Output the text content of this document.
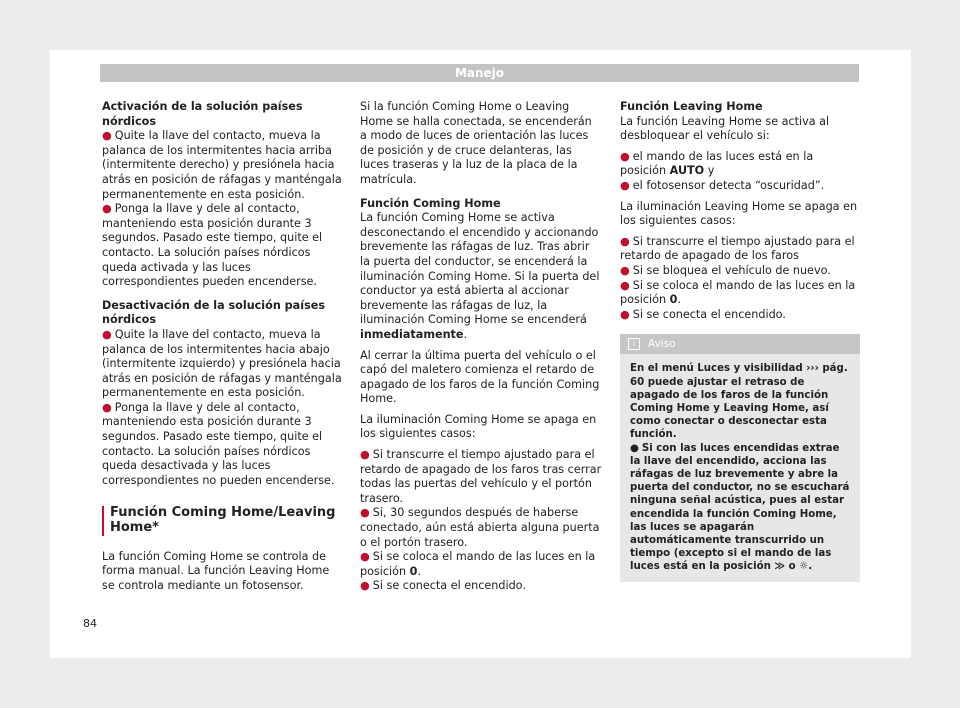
Manejo

Activación de la solución países nórdicos

● Quite la llave del contacto, mueva la palanca de los intermitentes hacia arriba (intermitente derecho) y presiónela hacia atrás en posición de ráfagas y manténgala permanentemente en esta posición.

● Ponga la llave y dele al contacto, manteniendo esta posición durante 3 segundos. Pasado este tiempo, quite el contacto. La solución países nórdicos queda activada y las luces correspondientes pueden encenderse.

Desactivación de la solución países nórdicos

● Quite la llave del contacto, mueva la palanca de los intermitentes hacia abajo (intermitente izquierdo) y presiónela hacia atrás en posición de ráfagas y manténgala permanentemente en esta posición.

● Ponga la llave y dele al contacto, manteniendo esta posición durante 3 segundos. Pasado este tiempo, quite el contacto. La solución países nórdicos queda desactivada y las luces correspondientes no pueden encenderse.

Función Coming Home/Leaving Home*

La función Coming Home se controla de forma manual. La función Leaving Home se controla mediante un fotosensor.

Si la función Coming Home o Leaving Home se halla conectada, se encenderán a modo de luces de orientación las luces de posición y de cruce delanteras, las luces traseras y la luz de la placa de la matrícula.

Función Coming Home

La función Coming Home se activa desconectando el encendido y accionando brevemente las ráfagas de luz. Tras abrir la puerta del conductor, se encenderá la iluminación Coming Home. Si la puerta del conductor ya está abierta al accionar brevemente las ráfagas de luz, la iluminación Coming Home se encenderá inmediatamente.

Al cerrar la última puerta del vehículo o el capó del maletero comienza el retardo de apagado de los faros de la función Coming Home.

La iluminación Coming Home se apaga en los siguientes casos:

● Si transcurre el tiempo ajustado para el retardo de apagado de los faros tras cerrar todas las puertas del vehículo y el portón trasero.

● Si, 30 segundos después de haberse conectado, aún está abierta alguna puerta o el portón trasero.

● Si se coloca el mando de las luces en la posición 0.

● Si se conecta el encendido.

Función Leaving Home

La función Leaving Home se activa al desbloquear el vehículo si:

● el mando de las luces está en la posición AUTO y

● el fotosensor detecta “oscuridad”.

La iluminación Leaving Home se apaga en los siguientes casos:

● Si transcurre el tiempo ajustado para el retardo de apagado de los faros

● Si se bloquea el vehículo de nuevo.

● Si se coloca el mando de las luces en la posición 0.

● Si se conecta el encendido.

i Aviso

En el menú Luces y visibilidad ››› pág. 60 puede ajustar el retraso de apagado de los faros de la función Coming Home y Leaving Home, así como conectar o desconectar esta función.

● Si con las luces encendidas extrae la llave del encendido, acciona las ráfagas de luz brevemente y abre la puerta del conductor, no se escuchará ninguna señal acústica, pues al estar encendida la función Coming Home, las luces se apagarán automáticamente transcurrido un tiempo (excepto si el mando de las luces está en la posición ≫ o ☼.

84
